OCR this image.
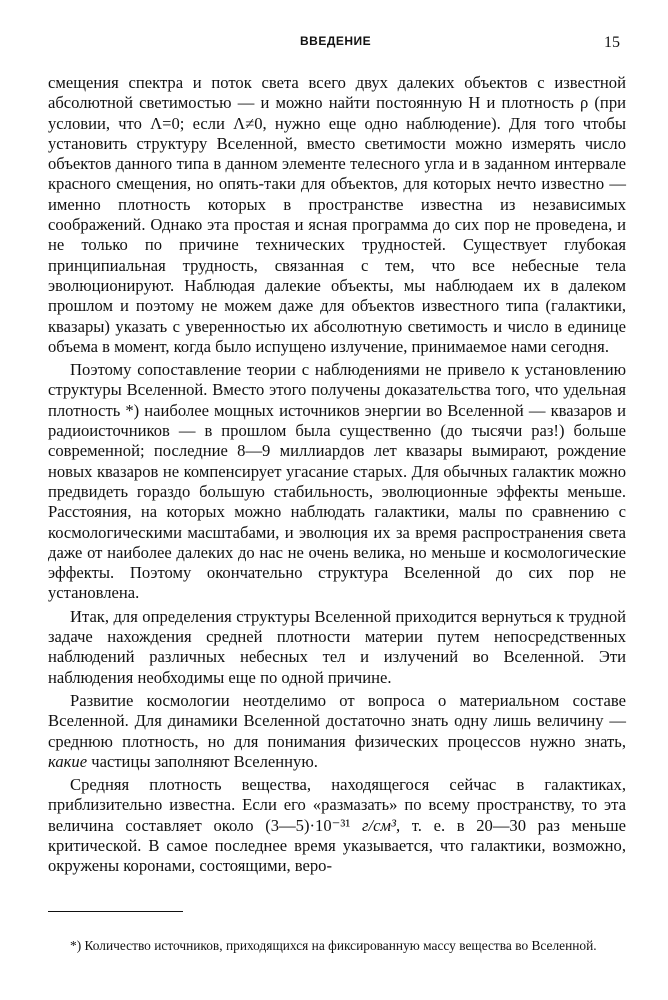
ВВЕДЕНИЕ	15

смещения спектра и поток света всего двух далеких объектов с известной абсолютной светимостью — и можно найти постоянную H и плотность ρ (при условии, что Λ=0; если Λ≠0, нужно еще одно наблюдение). Для того чтобы установить структуру Вселенной, вместо светимости можно измерять число объектов данного типа в данном элементе телесного угла и в заданном интервале красного смещения, но опять-таки для объектов, для которых нечто известно — именно плотность которых в пространстве известна из независимых соображений. Однако эта простая и ясная программа до сих пор не проведена, и не только по причине технических трудностей. Существует глубокая принципиальная трудность, связанная с тем, что все небесные тела эволюционируют. Наблюдая далекие объекты, мы наблюдаем их в далеком прошлом и поэтому не можем даже для объектов известного типа (галактики, квазары) указать с уверенностью их абсолютную светимость и число в единице объема в момент, когда было испущено излучение, принимаемое нами сегодня.

Поэтому сопоставление теории с наблюдениями не привело к установлению структуры Вселенной. Вместо этого получены доказательства того, что удельная плотность *) наиболее мощных источников энергии во Вселенной — квазаров и радиоисточников — в прошлом была существенно (до тысячи раз!) больше современной; последние 8—9 миллиардов лет квазары вымирают, рождение новых квазаров не компенсирует угасание старых. Для обычных галактик можно предвидеть гораздо большую стабильность, эволюционные эффекты меньше. Расстояния, на которых можно наблюдать галактики, малы по сравнению с космологическими масштабами, и эволюция их за время распространения света даже от наиболее далеких до нас не очень велика, но меньше и космологические эффекты. Поэтому окончательно структура Вселенной до сих пор не установлена.

Итак, для определения структуры Вселенной приходится вернуться к трудной задаче нахождения средней плотности материи путем непосредственных наблюдений различных небесных тел и излучений во Вселенной. Эти наблюдения необходимы еще по одной причине.

Развитие космологии неотделимо от вопроса о материальном составе Вселенной. Для динамики Вселенной достаточно знать одну лишь величину — среднюю плотность, но для понимания физических процессов нужно знать, какие частицы заполняют Вселенную.

Средняя плотность вещества, находящегося сейчас в галактиках, приблизительно известна. Если его «размазать» по всему пространству, то эта величина составляет около (3—5)·10⁻³¹ г/см³, т. е. в 20—30 раз меньше критической. В самое последнее время указывается, что галактики, возможно, окружены коронами, состоящими, веро-

*) Количество источников, приходящихся на фиксированную массу вещества во Вселенной.
